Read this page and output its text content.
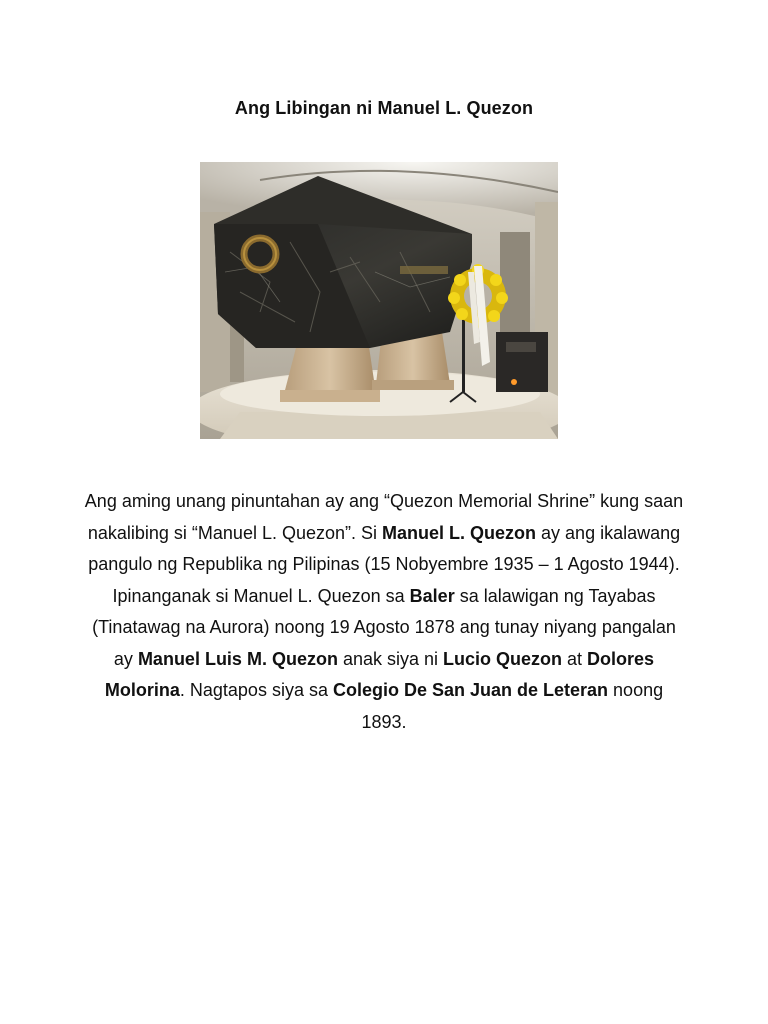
Ang Libingan ni Manuel L. Quezon
Ang aming unang pinuntahan ay ang “Quezon Memorial Shrine” kung saan nakalibing si “Manuel L. Quezon”. Si Manuel L. Quezon ay ang ikalawang pangulo ng Republika ng Pilipinas (15 Nobyembre 1935 – 1 Agosto 1944). Ipinanganak si Manuel L. Quezon sa Baler sa lalawigan ng Tayabas (Tinatawag na Aurora) noong 19 Agosto 1878 ang tunay niyang pangalan ay Manuel Luis M. Quezon anak siya ni Lucio Quezon at Dolores Molorina. Nagtapos siya sa Colegio De San Juan de Leteran noong 1893.
